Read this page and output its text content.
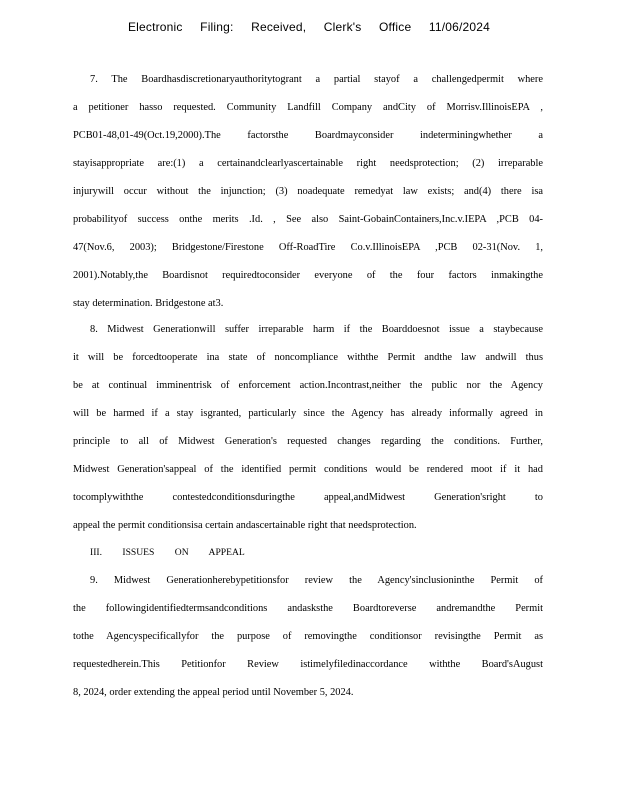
Electronic Filing: Received, Clerk's Office 11/06/2024
7. The Boardhasdiscretionaryauthoritytogrant a partial stayof a challengedpermit where
a petitioner hasso requested. Community Landfill Company andCity of Morrisv.IllinoisEPA ,
PCB01-48,01-49(Oct.19,2000).The factorsthe Boardmayconsider indeterminingwhether a
stayisappropriate are:(1) a certainandclearlyascertainable right needsprotection; (2) irreparable
injurywill occur without the injunction; (3) noadequate remedyat law exists; and(4) there isa
probabilityof success onthe merits .Id. , See also Saint-GobainContainers,Inc.v.IEPA ,PCB 04-
47(Nov.6, 2003); Bridgestone/Firestone Off-RoadTire Co.v.IllinoisEPA ,PCB 02-31(Nov. 1,
2001).Notably,the Boardisnot requiredtoconsider everyone of the four factors inmakingthe
stay determination. Bridgestone at3.
8. Midwest Generationwill suffer irreparable harm if the Boarddoesnot issue a staybecause
it will be forcedtooperate ina state of noncompliance withthe Permit andthe law andwill thus
be at continual imminentrisk of enforcement action.Incontrast,neither the public nor the Agency
will be harmed if a stay isgranted, particularly since the Agency has already informally agreed in
principle to all of Midwest Generation's requested changes regarding the conditions. Further,
Midwest Generation'sappeal of the identified permit conditions would be rendered moot if it had
tocomplywiththe contestedconditionsduringthe appeal,andMidwest Generation'sright to
appeal the permit conditionsisa certain andascertainable right that needsprotection.
III. ISSUES ON APPEAL
9. Midwest Generationherebypetitionsfor review the Agency'sinclusioninthe Permit of
the followingidentifiedtermsandconditions andasksthe Boardtoreverse andremandthe Permit
tothe Agencyspecificallyfor the purpose of removingthe conditionsor revisingthe Permit as
requestedherein.This Petitionfor Review istimelyfiledinaccordance withthe Board'sAugust
8, 2024, order extending the appeal period until November 5, 2024.
